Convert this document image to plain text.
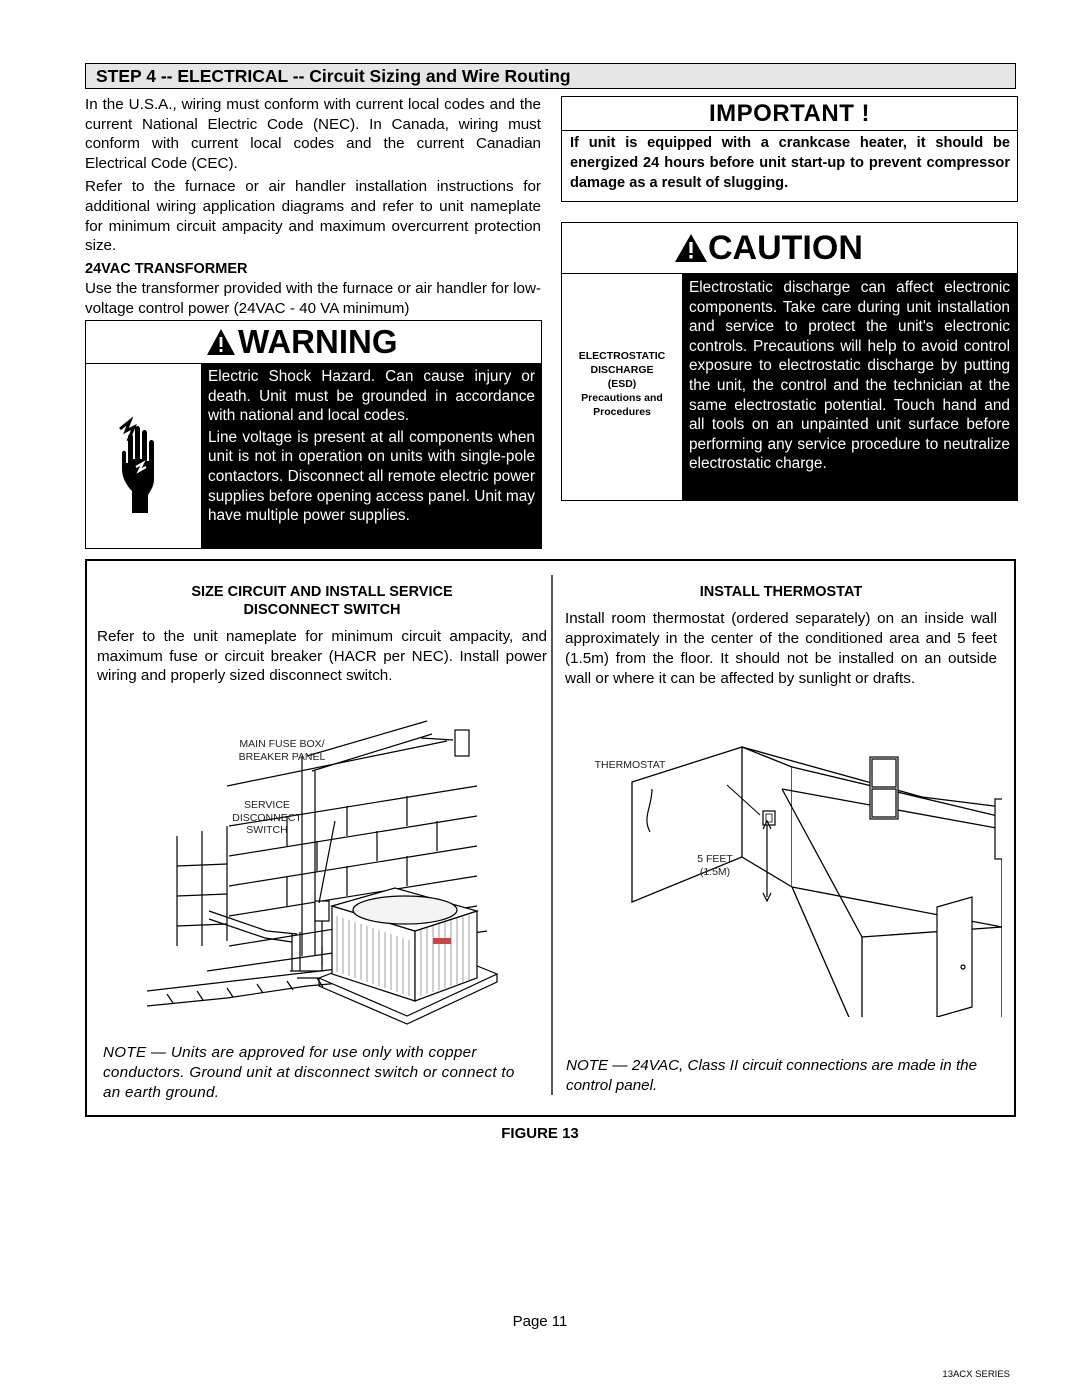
STEP 4 -- ELECTRICAL -- Circuit Sizing and Wire Routing
In the U.S.A., wiring must conform with current local codes and the current National Electric Code (NEC). In Canada, wiring must conform with current local codes and the current Canadian Electrical Code (CEC).
Refer to the furnace or air handler installation instructions for additional wiring application diagrams and refer to unit nameplate for minimum circuit ampacity and maximum overcurrent protection size.
24VAC TRANSFORMER
Use the transformer provided with the furnace or air handler for low-voltage control power (24VAC - 40 VA minimum)
IMPORTANT !
If unit is equipped with a crankcase heater, it should be energized 24 hours before unit start-up to prevent compressor damage as a result of slugging.
WARNING
Electric Shock Hazard. Can cause injury or death. Unit must be grounded in accordance with national and local codes.
Line voltage is present at all components when unit is not in operation on units with single-pole contactors. Disconnect all remote electric power supplies before opening access panel. Unit may have multiple power supplies.
CAUTION
ELECTROSTATIC
DISCHARGE
(ESD)
Precautions and
Procedures
Electrostatic discharge can affect electronic components. Take care during unit installation and service to protect the unit's electronic controls. Precautions will help to avoid control exposure to electrostatic discharge by putting the unit, the control and the technician at the same electrostatic potential. Touch hand and all tools on an unpainted unit surface before performing any service procedure to neutralize electrostatic charge.
SIZE CIRCUIT AND INSTALL SERVICE
DISCONNECT SWITCH
Refer to the unit nameplate for minimum circuit ampacity, and maximum fuse or circuit breaker (HACR per NEC). Install power wiring and properly sized disconnect switch.
MAIN FUSE BOX/
BREAKER PANEL
SERVICE
DISCONNECT
SWITCH
NOTE — Units are approved for use only with copper conductors. Ground unit at disconnect switch or connect to an earth ground.
INSTALL THERMOSTAT
Install room thermostat (ordered separately) on an inside wall approximately in the center of the conditioned area and 5 feet (1.5m) from the floor. It should not be installed on an outside wall or where it can be affected by sunlight or drafts.
THERMOSTAT
5 FEET
(1.5M)
NOTE — 24VAC, Class II circuit connections are made in the control panel.
FIGURE 13
Page 11
13ACX SERIES
